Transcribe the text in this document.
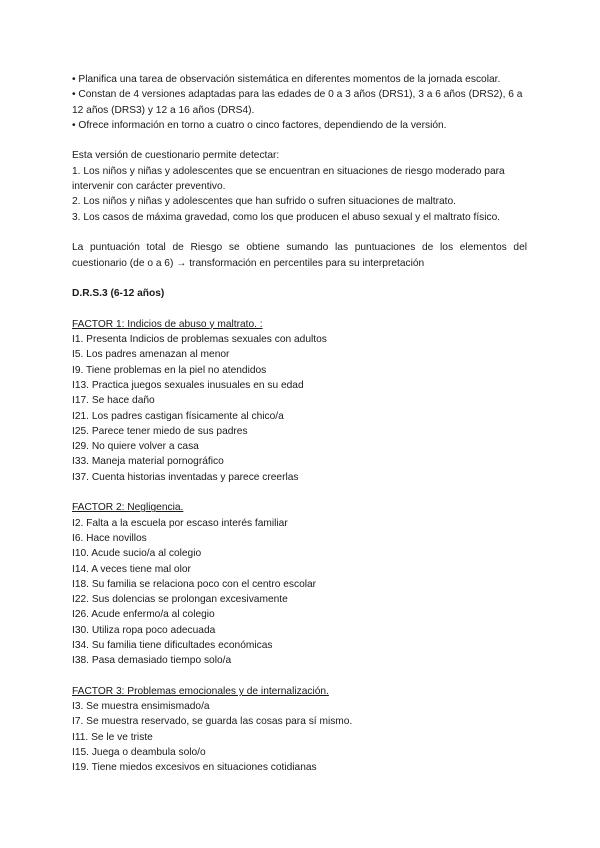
• Planifica una tarea de observación sistemática en diferentes momentos de la jornada escolar.

• Constan de 4 versiones adaptadas para las edades de 0 a 3 años (DRS1), 3 a 6 años (DRS2), 6 a 12 años (DRS3) y 12 a 16 años (DRS4).

• Ofrece información en torno a cuatro o cinco factores, dependiendo de la versión.

Esta versión de cuestionario permite detectar:

1. Los niños y niñas y adolescentes que se encuentran en situaciones de riesgo moderado para intervenir con carácter preventivo.

2. Los niños y niñas y adolescentes que han sufrido o sufren situaciones de maltrato.

3. Los casos de máxima gravedad, como los que producen el abuso sexual y el maltrato físico.

La puntuación total de Riesgo se obtiene sumando las puntuaciones de los elementos del cuestionario (de o a 6) → transformación en percentiles para su interpretación

D.R.S.3 (6-12 años)

FACTOR 1: Indicios de abuso y maltrato. :

I1. Presenta Indicios de problemas sexuales con adultos

I5. Los padres amenazan al menor

I9. Tiene problemas en la piel no atendidos

I13. Practica juegos sexuales inusuales en su edad

I17. Se hace daño

I21. Los padres castigan físicamente al chico/a

I25. Parece tener miedo de sus padres

I29. No quiere volver a casa

I33. Maneja material pornográfico

I37. Cuenta historias inventadas y parece creerlas

FACTOR 2: Negligencia.

I2. Falta a la escuela por escaso interés familiar

I6. Hace novillos

I10. Acude sucio/a al colegio

I14. A veces tiene mal olor

I18. Su familia se relaciona poco con el centro escolar

I22. Sus dolencias se prolongan excesivamente

I26. Acude enfermo/a al colegio

I30. Utiliza ropa poco adecuada

I34. Su familia tiene dificultades económicas

I38. Pasa demasiado tiempo solo/a

FACTOR 3: Problemas emocionales y de internalización.

I3. Se muestra ensimismado/a

I7. Se muestra reservado, se guarda las cosas para sí mismo.

I11. Se le ve triste

I15. Juega o deambula solo/o

I19. Tiene miedos excesivos en situaciones cotidianas
